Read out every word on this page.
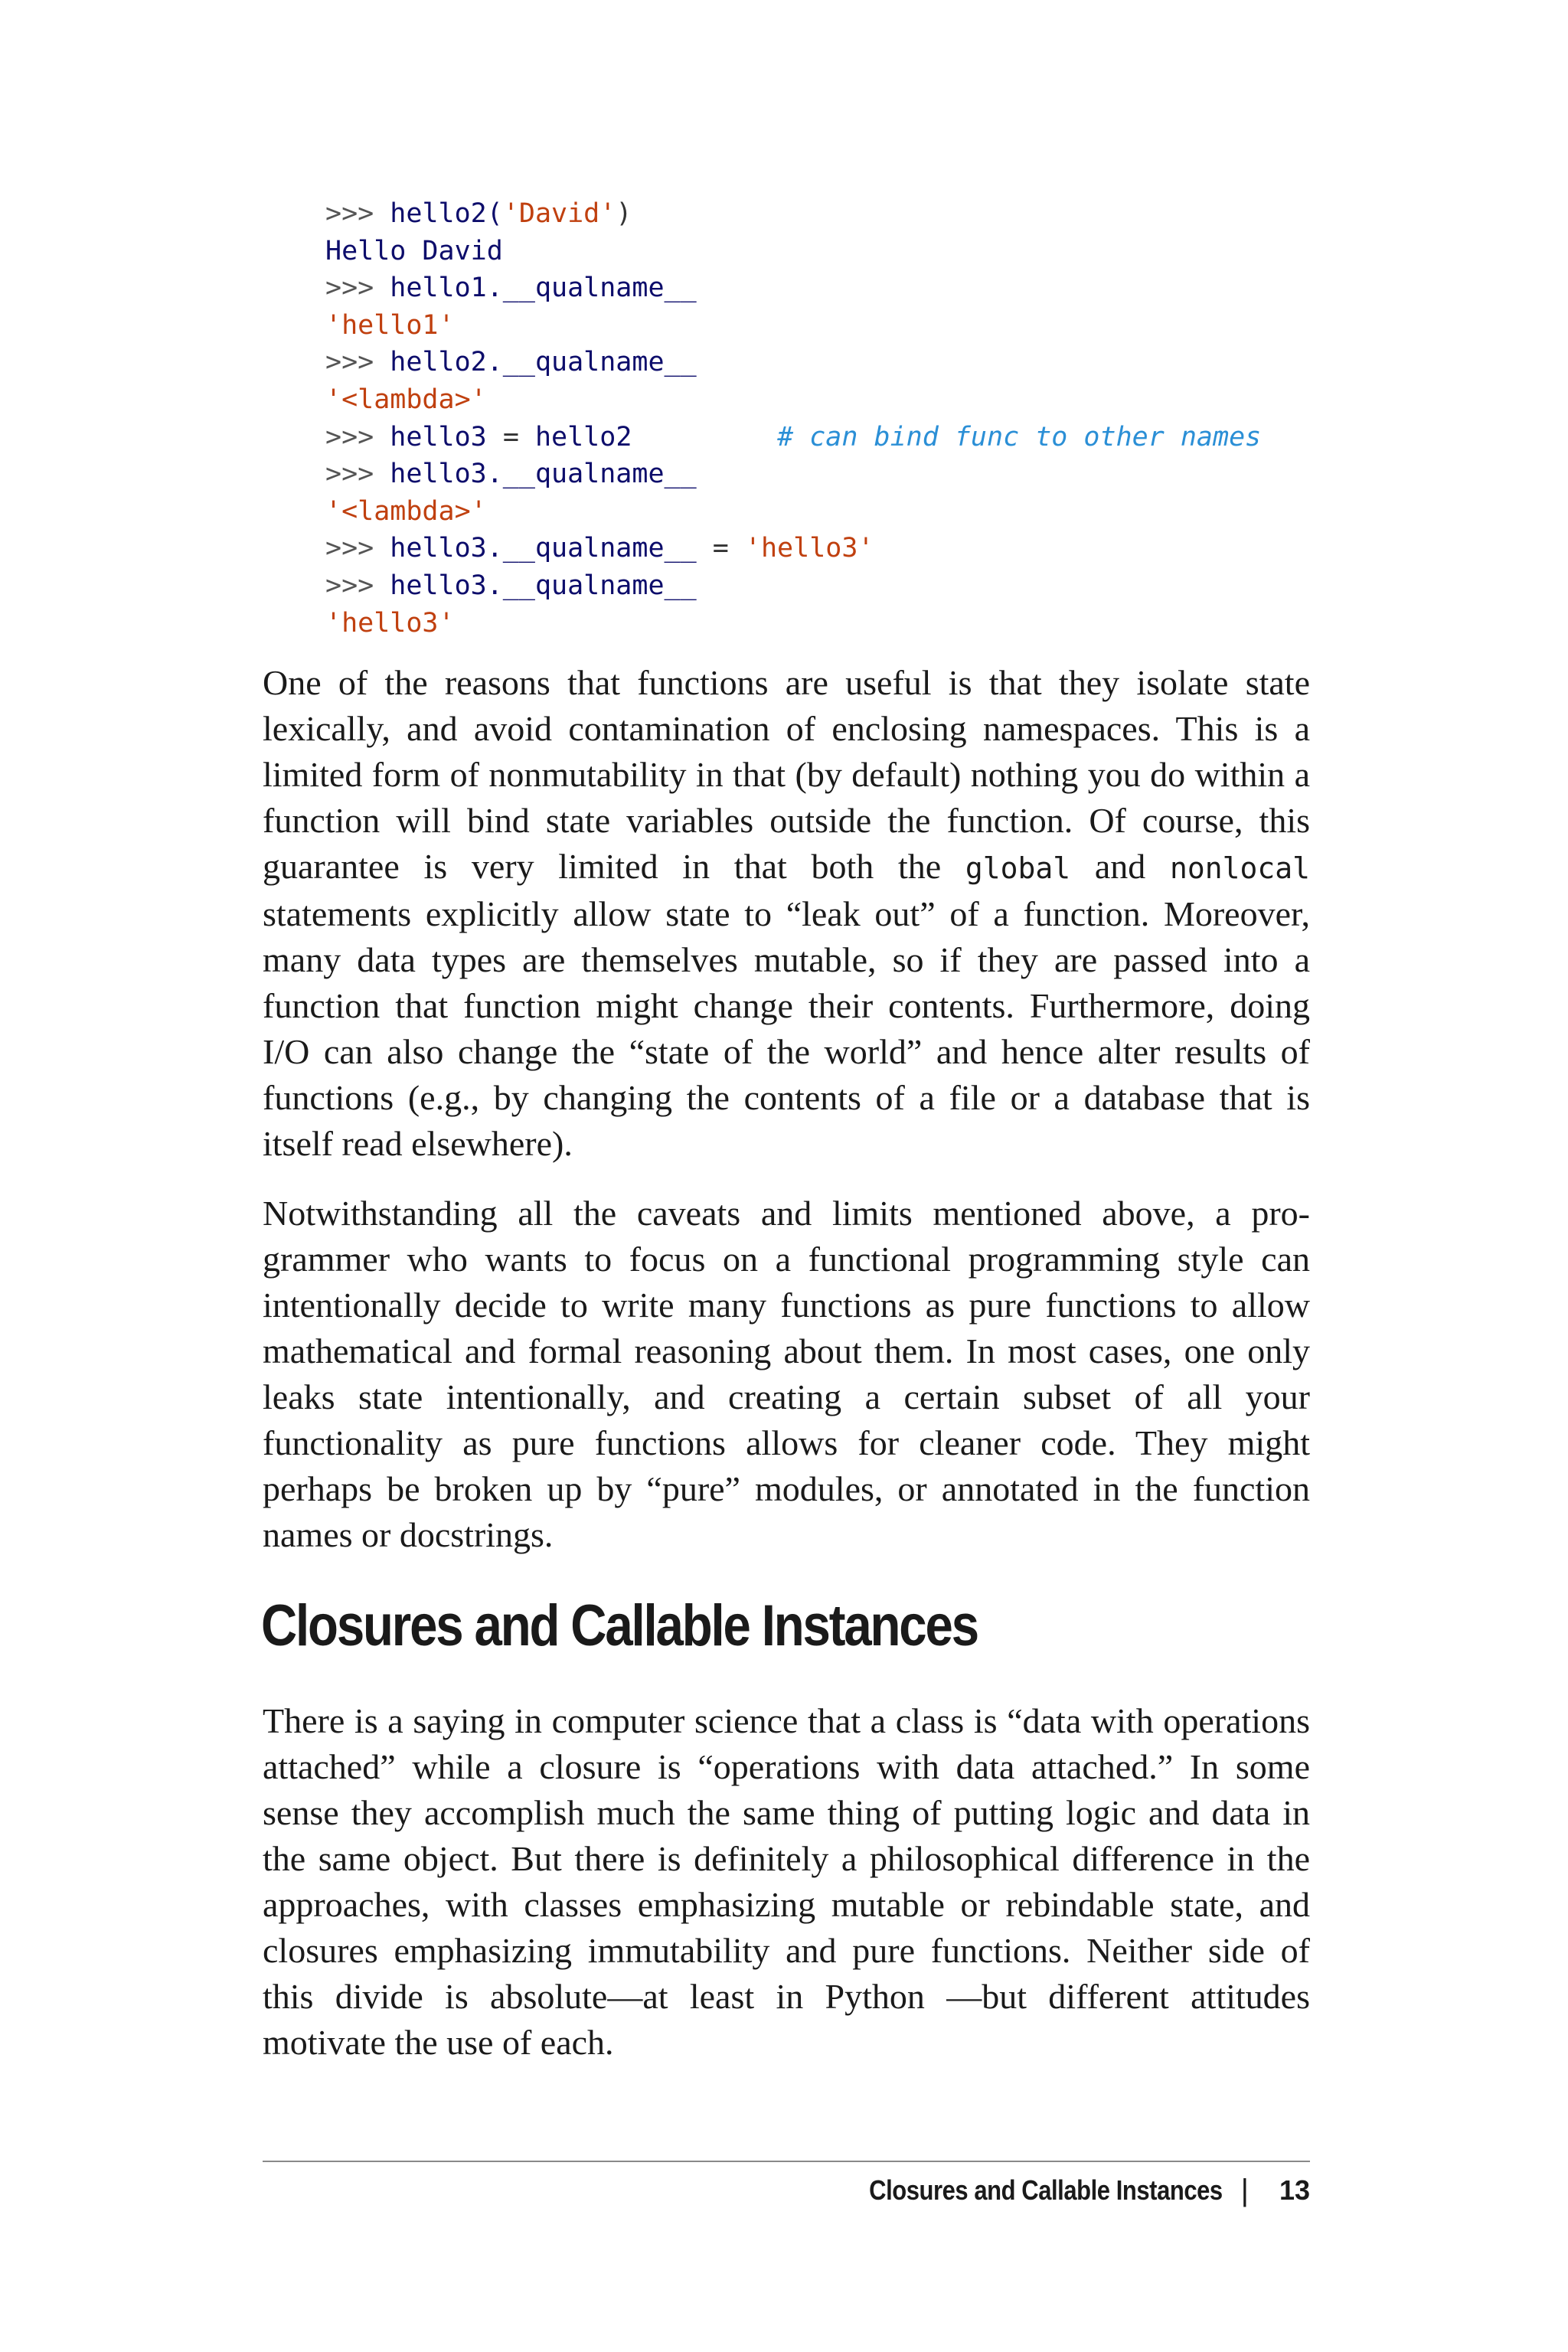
>>> hello2('David')
Hello David
>>> hello1.__qualname__
'hello1'
>>> hello2.__qualname__
'<lambda>'
>>> hello3 = hello2	# can bind func to other names
>>> hello3.__qualname__
'<lambda>'
>>> hello3.__qualname__ = 'hello3'
>>> hello3.__qualname__
'hello3'

One of the reasons that functions are useful is that they isolate state lexically, and avoid contamination of enclosing namespaces. This is a limited form of nonmutability in that (by default) nothing you do within a function will bind state variables outside the function. Of course, this guarantee is very limited in that both the global and nonlocal statements explicitly allow state to “leak out” of a function. Moreover, many data types are themselves mutable, so if they are passed into a function that function might change their contents. Furthermore, doing I/O can also change the “state of the world” and hence alter results of functions (e.g., by changing the contents of a file or a database that is itself read elsewhere).

Notwithstanding all the caveats and limits mentioned above, a programmer who wants to focus on a functional programming style can intentionally decide to write many functions as pure functions to allow mathematical and formal reasoning about them. In most cases, one only leaks state intentionally, and creating a certain subset of all your functionality as pure functions allows for cleaner code. They might perhaps be broken up by “pure” modules, or annotated in the function names or docstrings.

Closures and Callable Instances

There is a saying in computer science that a class is “data with operations attached” while a closure is “operations with data attached.” In some sense they accomplish much the same thing of putting logic and data in the same object. But there is definitely a philosophical difference in the approaches, with classes emphasizing mutable or rebindable state, and closures emphasizing immutability and pure functions. Neither side of this divide is absolute—at least in Python —but different attitudes motivate the use of each.

Closures and Callable Instances | 13
